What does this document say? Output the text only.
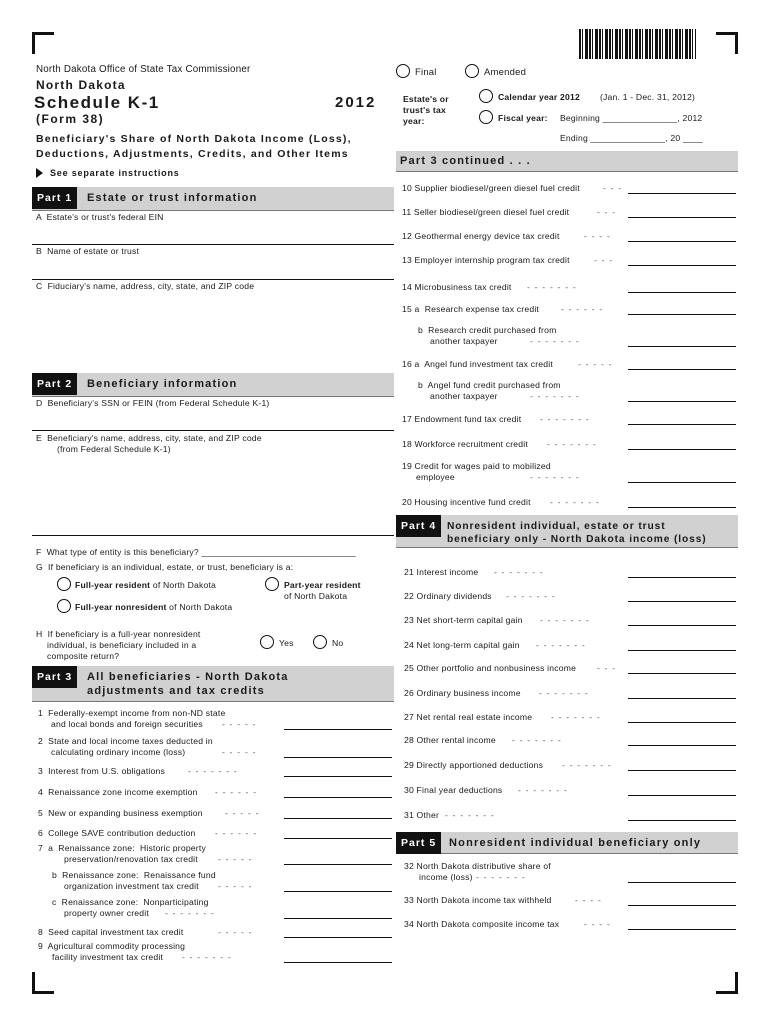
North Dakota Office of State Tax Commissioner
North Dakota
Schedule K-1	2012
(Form 38)
Beneficiary's Share of North Dakota Income (Loss),
Deductions, Adjustments, Credits, and Other Items
See separate instructions
Final	Amended
Estate's or
trust's tax
year:
Calendar year 2012 (Jan. 1 - Dec. 31, 2012)
Fiscal year: Beginning _______________, 2012
Ending _______________, 20 ____
Part 1	Estate or trust information
A  Estate's or trust's federal EIN
B  Name of estate or trust
C  Fiduciary's name, address, city, state, and ZIP code
Part 2	Beneficiary information
D  Beneficiary's SSN or FEIN (from Federal Schedule K-1)
E  Beneficiary's name, address, city, state, and ZIP code
(from Federal Schedule K-1)
F  What type of entity is this beneficiary? _______________________________
G  If beneficiary is an individual, estate, or trust, beneficiary is a:
Full-year resident of North Dakota	Part-year resident
of North Dakota
Full-year nonresident of North Dakota
H  If beneficiary is a full-year nonresident
individual, is beneficiary included in a
composite return?
Yes	No
Part 3	All beneficiaries - North Dakota
adjustments and tax credits
1  Federally-exempt income from non-ND state
and local bonds and foreign securities - - - - -
2  State and local income taxes deducted in
calculating ordinary income (loss)	- - - - -
3  Interest from U.S. obligations	- - - - - - -
4  Renaissance zone income exemption - - - - - -
5  New or expanding business exemption	- - - - -
6  College SAVE contribution deduction - - - - - -
7  a  Renaissance zone:  Historic property
preservation/renovation tax credit - - - - -
b  Renaissance zone:  Renaissance fund
organization investment tax credit - - - - -
c  Renaissance zone:  Nonparticipating
property owner credit - - - - - - -
8  Seed capital investment tax credit	- - - - -
9  Agricultural commodity processing
facility investment tax credit - - - - - - -
Part 3 continued . . .
10 Supplier biodiesel/green diesel fuel credit	- - -
11 Seller biodiesel/green diesel fuel credit	- - -
12 Geothermal energy device tax credit	- - - -
13 Employer internship program tax credit	- - -
14 Microbusiness tax credit - - - - - - -
15 a  Research expense tax credit	- - - - - -
b  Research credit purchased from
another taxpayer	- - - - - - -
16 a  Angel fund investment tax credit	- - - - -
b  Angel fund credit purchased from
another taxpayer	- - - - - - -
17 Endowment fund tax credit - - - - - - -
18 Workforce recruitment credit - - - - - - -
19 Credit for wages paid to mobilized
employee	- - - - - - -
20 Housing incentive fund credit - - - - - - -
Part 4	Nonresident individual, estate or trust
beneficiary only - North Dakota income (loss)
21 Interest income - - - - - - -
22 Ordinary dividends - - - - - - -
23 Net short-term capital gain - - - - - - -
24 Net long-term capital gain - - - - - - -
25 Other portfolio and nonbusiness income - - -
26 Ordinary business income - - - - - - -
27 Net rental real estate income - - - - - - -
28 Other rental income - - - - - - -
29 Directly apportioned deductions - - - - - - -
30 Final year deductions - - - - - - -
31 Other - - - - - - -
Part 5	Nonresident individual beneficiary only
32 North Dakota distributive share of
income (loss) - - - - - - -
33 North Dakota income tax withheld	- - - -
34 North Dakota composite income tax	- - - -
